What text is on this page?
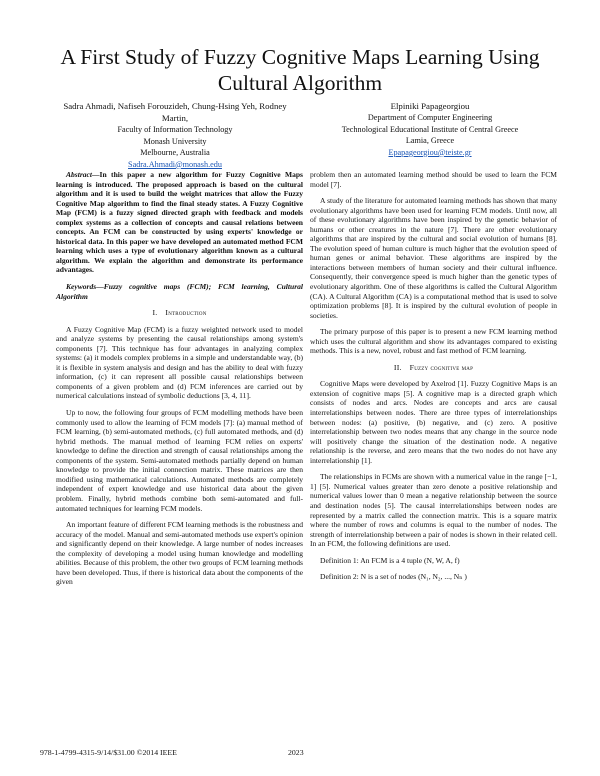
A First Study of Fuzzy Cognitive Maps Learning Using Cultural Algorithm
Sadra Ahmadi, Nafiseh Forouzideh, Chung-Hsing Yeh, Rodney Martin,
Faculty of Information Technology
Monash University
Melbourne, Australia
Sadra.Ahmadi@monash.edu
Elpiniki Papageorgiou
Department of Computer Engineering
Technological Educational Institute of Central Greece
Lamia, Greece
Epapageorgiou@teiste.gr

Abstract—In this paper a new algorithm for Fuzzy Cognitive Maps learning is introduced. The proposed approach is based on the cultural algorithm and it is used to build the weight matrices that allow the Fuzzy Cognitive Map algorithm to find the final steady states. A Fuzzy Cognitive Map (FCM) is a fuzzy signed directed graph with feedback and models complex systems as a collection of concepts and causal relations between concepts. An FCM can be constructed by using experts' knowledge or historical data. In this paper we have developed an automated method FCM learning which uses a type of evolutionary algorithm known as a cultural algorithm. We explain the algorithm and demonstrate its performance advantages.

Keywords—Fuzzy cognitive maps (FCM); FCM learning, Cultural Algorithm

I. Introduction

A Fuzzy Cognitive Map (FCM) is a fuzzy weighted network used to model and analyze systems by presenting the causal relationships among system's components [7]. This technique has four advantages in analyzing complex systems: (a) it models complex problems in a simple and understandable way, (b) it is flexible in system analysis and design and has the ability to deal with fuzzy information, (c) it can represent all possible causal relationships between components of a given problem and (d) FCM inferences are carried out by numerical calculations instead of symbolic deductions [3, 4, 11].

Up to now, the following four groups of FCM modelling methods have been commonly used to allow the learning of FCM models [7]: (a) manual method of FCM learning, (b) semi-automated methods, (c) full automated methods, and (d) hybrid methods. The manual method of learning FCM relies on experts' knowledge to define the direction and strength of causal relationships among the components of the system. Semi-automated methods partially depend on human knowledge to provide the initial connection matrix. These matrices are then modified using mathematical calculations. Automated methods are completely independent of expert knowledge and use historical data about the given problem. Finally, hybrid methods combine both semi-automated and full-automated techniques for learning FCM models.

An important feature of different FCM learning methods is the robustness and accuracy of the model. Manual and semi-automated methods use expert's opinion and significantly depend on their knowledge. A large number of nodes increases the complexity of developing a model using human knowledge and modelling abilities. Because of this problem, the other two groups of FCM learning methods have been developed. Thus, if there is historical data about the components of the given

problem then an automated learning method should be used to learn the FCM model [7].

A study of the literature for automated learning methods has shown that many evolutionary algorithms have been used for learning FCM models. Until now, all of these evolutionary algorithms have been inspired by the genetic behavior of humans or other creatures in the nature [7]. There are other evolutionary algorithms that are inspired by the cultural and social evolution of humans [8]. The evolution speed of human culture is much higher that the evolution speed of human genes or animal behavior. These algorithms are inspired by the interactions between members of human society and their cultural influence. Consequently, their convergence speed is much higher than the genetic types of evolutionary algorithm. One of these algorithms is called the Cultural Algorithm (CA). A Cultural Algorithm (CA) is a computational method that is used to solve optimization problems [8]. It is inspired by the cultural evolution of people in societies.

The primary purpose of this paper is to present a new FCM learning method which uses the cultural algorithm and show its advantages compared to existing methods. This is a new, novel, robust and fast method of FCM learning.

II. Fuzzy cognitive map

Cognitive Maps were developed by Axelrod [1]. Fuzzy Cognitive Maps is an extension of cognitive maps [5]. A cognitive map is a directed graph which consists of nodes and arcs. Nodes are concepts and arcs are causal interrelationships between nodes. There are three types of interrelationships between nodes: (a) positive, (b) negative, and (c) zero. A positive interrelationship between two nodes means that any change in the source node will positively change the situation of the destination node. A negative relationship is the reverse, and zero means that the two nodes do not have any interrelationship [1].

The relationships in FCMs are shown with a numerical value in the range [−1, 1] [5]. Numerical values greater than zero denote a positive relationship and numerical values lower than 0 mean a negative relationship between the source and destination nodes [5]. The causal interrelationships between nodes are represented by a matrix called the connection matrix. This is a square matrix where the number of rows and columns is equal to the number of nodes. The strength of interrelationship between a pair of nodes is shown in their related cell. In an FCM, the following definitions are used.

Definition 1: An FCM is a 4 tuple (N, W, A, f)

Definition 2: N is a set of nodes (N₁, N₂, ..., Nₙ )

978-1-4799-4315-9/14/$31.00 ©2014 IEEE	2023
